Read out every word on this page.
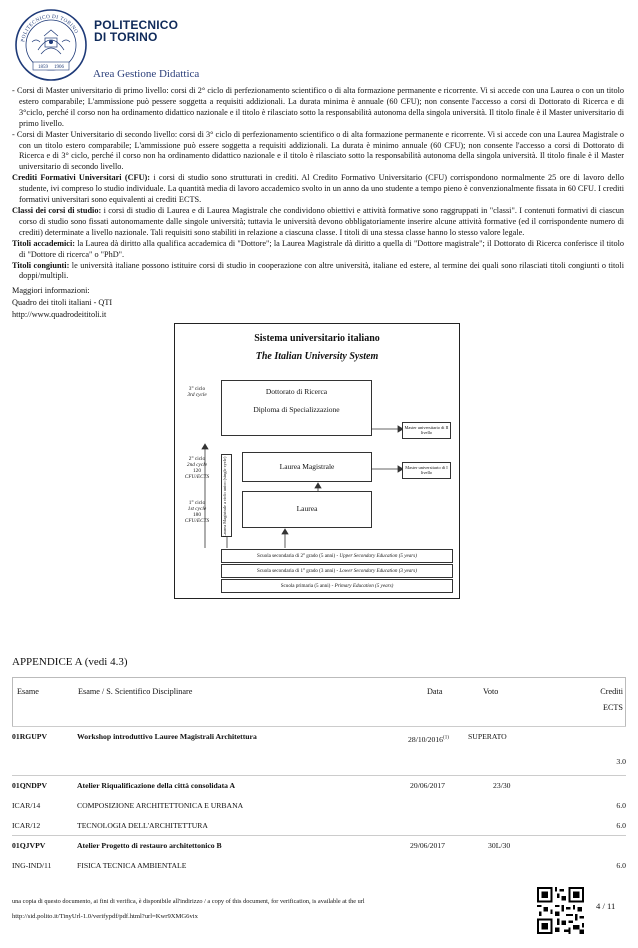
POLITECNICO DI TORINO
1859 1906
POLITECNICO
DI TORINO
Area Gestione Didattica

- Corsi di Master universitario di primo livello: corsi di 2° ciclo di perfezionamento scientifico o di alta formazione permanente e ricorrente. Vi si accede con una Laurea o con un titolo estero comparabile; L'ammissione può pessere soggetta a requisiti addizionali. La durata minima è annuale (60 CFU); non consente l'accesso a corsi di Dottorato di Ricerca e di 3°ciclo, perché il corso non ha ordinamento didattico nazionale e il titolo è rilasciato sotto la responsabilità autonoma della singola università. Il titolo finale è il Master universitario di primo livello.

- Corsi di Master Universitario di secondo livello: corsi di 3° ciclo di perfezionamento scientifico o di alta formazione permanente e ricorrente. Vi si accede con una Laurea Magistrale o con un titolo estero comparabile; L'ammissione può essere soggetta a requisiti addizionali. La durata è minimo annuale (60 CFU); non consente l'accesso a corsi di Dottorato di Ricerca e di 3° ciclo, perché il corso non ha ordinamento didattico nazionale e il titolo è rilasciato sotto la responsabilità autonoma della singola università. Il titolo finale è il Master universitario di secondo livello.

Crediti Formativi Universitari (CFU): i corsi di studio sono strutturati in crediti. Al Credito Formativo Universitario (CFU) corrispondono normalmente 25 ore di lavoro dello studente, ivi compreso lo studio individuale. La quantità media di lavoro accademico svolto in un anno da uno studente a tempo pieno è convenzionalmente fissata in 60 CFU. I crediti formativi universitari sono equivalenti ai crediti ECTS.

Classi dei corsi di studio: i corsi di studio di Laurea e di Laurea Magistrale che condividono obiettivi e attività formative sono raggruppati in "classi". I contenuti formativi di ciascun corso di studio sono fissati autonomamente dalle singole università; tuttavia le università devono obbligatoriamente inserire alcune attività formative (ed il corrispondente numero di crediti) determinate a livello nazionale. Tali requisiti sono stabiliti in relazione a ciascuna classe. I titoli di una stessa classe hanno lo stesso valore legale.

Titoli accademici: la Laurea dà diritto alla qualifica accademica di "Dottore"; la Laurea Magistrale dà diritto a quella di "Dottore magistrale"; il Dottorato di Ricerca conferisce il titolo di "Dottore di ricerca" o "PhD".

Titoli congiunti: le università italiane possono istituire corsi di studio in cooperazione con altre università, italiane ed estere, al termine dei quali sono rilasciati titoli congiunti o titoli doppi/multipli.

Maggiori informazioni:
Quadro dei titoli italiani - QTI
http://www.quadrodeititoli.it
Sistema universitario italiano
The Italian University System
3° ciclo
3rd cycle
2° ciclo
2nd cycle
120
CFU/ECTS
1° ciclo
1st cycle
180
CFU/ECTS
Dottorato di Ricerca
Diploma di Specializzazione
Laurea Magistrale a ciclo unico (single cycle)	Laurea Magistrale
Laurea
Master universitario di II livello
Master universitario di I livello
Scuola secondaria di 2° grado (5 anni) - Upper Secondary Education (5 years)
Scuola secondaria di 1° grado (3 anni) - Lower Secondary Education (3 years)
Scuola primaria (5 anni) - Primary Education (5 years)
APPENDICE A (vedi 4.3)
Esame	Esame / S. Scientifico Disciplinare	Data	Voto	Crediti
ECTS
01RGUPV	Workshop introduttivo Lauree Magistrali Architettura	28/10/2016$^{(1)}$ SUPERATO
3.0
01QNDPV	Atelier Riqualificazione della città consolidata A	20/06/2017	23/30
ICAR/14	COMPOSIZIONE ARCHITETTONICA E URBANA	6.0
ICAR/12	TECNOLOGIA DELL'ARCHITETTURA	6.0
01QJVPV	Atelier Progetto di restauro architettonico B	29/06/2017	30L/30
ING-IND/11	FISICA TECNICA AMBIENTALE	6.0
una copia di questo documento, ai fini di verifica, è disponibile all'indirizzo / a copy of this document, for verification, is available at the url
http://sid.polito.it/TinyUrl-1.0/verifypdf/pdf.html?url=Kwr9XMG6vix
4 / 11
